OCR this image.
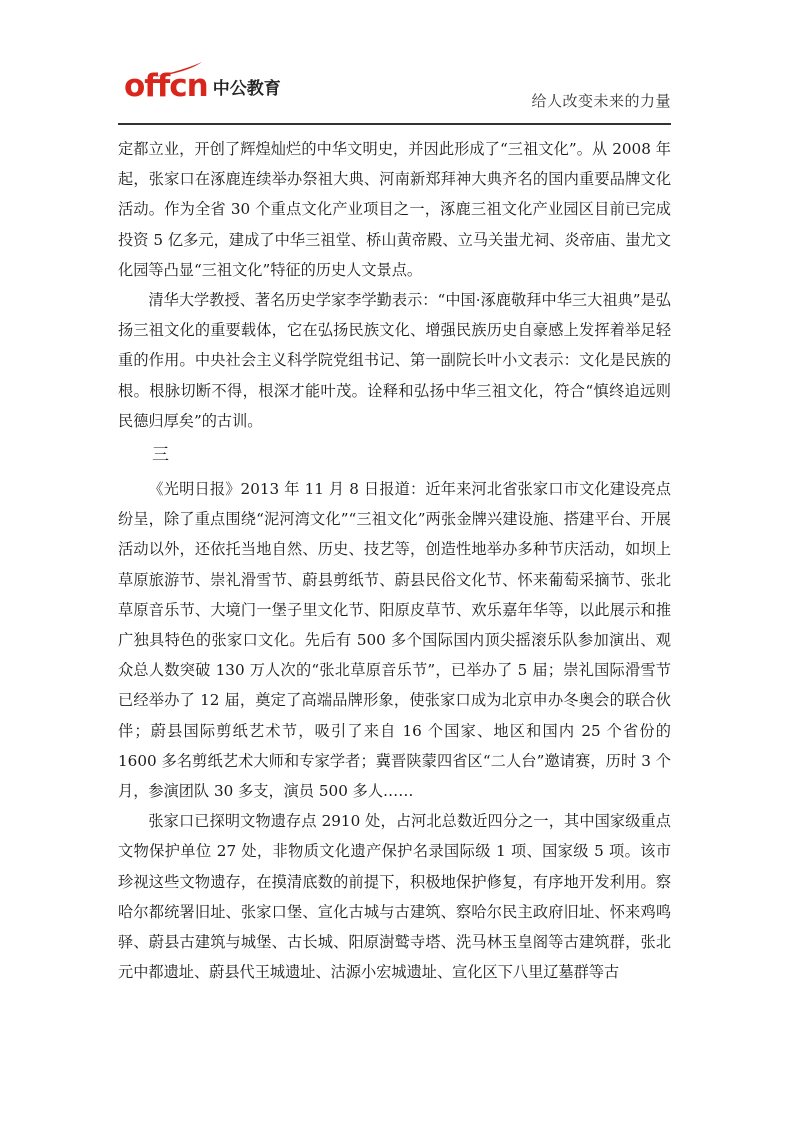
offcn 中公教育
给人改变未来的力量

定都立业，开创了辉煌灿烂的中华文明史，并因此形成了“三祖文化”。从 2008 年起，张家口在涿鹿连续举办祭祖大典、河南新郑拜神大典齐名的国内重要品牌文化活动。作为全省 30 个重点文化产业项目之一，涿鹿三祖文化产业园区目前已完成投资 5 亿多元，建成了中华三祖堂、桥山黄帝殿、立马关蚩尤祠、炎帝庙、蚩尤文化园等凸显“三祖文化”特征的历史人文景点。

清华大学教授、著名历史学家李学勤表示：“中国·涿鹿敬拜中华三大祖典”是弘扬三祖文化的重要载体，它在弘扬民族文化、增强民族历史自豪感上发挥着举足轻重的作用。中央社会主义科学院党组书记、第一副院长叶小文表示：文化是民族的根。根脉切断不得，根深才能叶茂。诠释和弘扬中华三祖文化，符合“慎终追远则民德归厚矣”的古训。

三

《光明日报》2013 年 11 月 8 日报道：近年来河北省张家口市文化建设亮点纷呈，除了重点围绕“泥河湾文化”“三祖文化”两张金牌兴建设施、搭建平台、开展活动以外，还依托当地自然、历史、技艺等，创造性地举办多种节庆活动，如坝上草原旅游节、崇礼滑雪节、蔚县剪纸节、蔚县民俗文化节、怀来葡萄采摘节、张北草原音乐节、大境门一堡子里文化节、阳原皮草节、欢乐嘉年华等，以此展示和推广独具特色的张家口文化。先后有 500 多个国际国内顶尖摇滚乐队参加演出、观众总人数突破 130 万人次的“张北草原音乐节”，已举办了 5 届；崇礼国际滑雪节已经举办了 12 届，奠定了高端品牌形象，使张家口成为北京申办冬奥会的联合伙伴；蔚县国际剪纸艺术节，吸引了来自 16 个国家、地区和国内 25 个省份的 1600 多名剪纸艺术大师和专家学者；冀晋陕蒙四省区“二人台”邀请赛，历时 3 个月，参演团队 30 多支，演员 500 多人……

张家口已探明文物遗存点 2910 处，占河北总数近四分之一，其中国家级重点文物保护单位 27 处，非物质文化遗产保护名录国际级 1 项、国家级 5 项。该市珍视这些文物遗存，在摸清底数的前提下，积极地保护修复，有序地开发利用。察哈尔都统署旧址、张家口堡、宣化古城与古建筑、察哈尔民主政府旧址、怀来鸡鸣驿、蔚县古建筑与城堡、古长城、阳原澍鹫寺塔、洗马林玉皇阁等古建筑群，张北元中都遗址、蔚县代王城遗址、沽源小宏城遗址、宣化区下八里辽墓群等古
